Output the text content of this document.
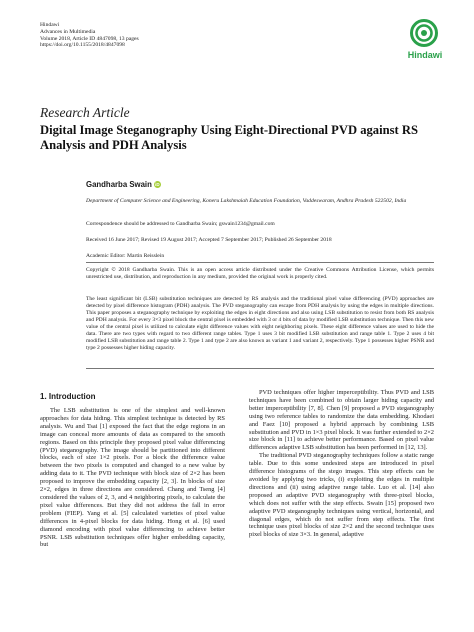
Hindawi
Advances in Multimedia
Volume 2018, Article ID 4847098, 13 pages
https://doi.org/10.1155/2018/4847098
Hindawi
Research Article
Digital Image Steganography Using Eight-Directional PVD against RS Analysis and PDH Analysis
Gandharba Swain iD
Department of Computer Science and Engineering, Koneru Lakshmaiah Education Foundation, Vaddeswaram, Andhra Pradesh 522502, India
Correspondence should be addressed to Gandharba Swain; gswain1234@gmail.com
Received 16 June 2017; Revised 19 August 2017; Accepted 7 September 2017; Published 26 September 2018
Academic Editor: Martin Reisslein
Copyright © 2018 Gandharba Swain. This is an open access article distributed under the Creative Commons Attribution License, which permits unrestricted use, distribution, and reproduction in any medium, provided the original work is properly cited.
The least significant bit (LSB) substitution techniques are detected by RS analysis and the traditional pixel value differencing (PVD) approaches are detected by pixel difference histogram (PDH) analysis. The PVD steganography can escape from PDH analysis by using the edges in multiple directions. This paper proposes a steganography technique by exploiting the edges in eight directions and also using LSB substitution to resist from both RS analysis and PDH analysis. For every 3×3 pixel block the central pixel is embedded with 3 or 4 bits of data by modified LSB substitution technique. Then this new value of the central pixel is utilized to calculate eight difference values with eight neighboring pixels. These eight difference values are used to hide the data. There are two types with regard to two different range tables. Type 1 uses 3 bit modified LSB substitution and range table 1. Type 2 uses 4 bit modified LSB substitution and range table 2. Type 1 and type 2 are also known as variant 1 and variant 2, respectively. Type 1 possesses higher PSNR and type 2 possesses higher hiding capacity.
1. Introduction

The LSB substitution is one of the simplest and well-known approaches for data hiding. This simplest technique is detected by RS analysis. Wu and Tsai [1] exposed the fact that the edge regions in an image can conceal more amounts of data as compared to the smooth regions. Based on this principle they proposed pixel value differencing (PVD) steganography. The image should be partitioned into different blocks, each of size 1×2 pixels. For a block the difference value between the two pixels is computed and changed to a new value by adding data to it. The PVD technique with block size of 2×2 has been proposed to improve the embedding capacity [2, 3]. In blocks of size 2×2, edges in three directions are considered. Chang and Tseng [4] considered the values of 2, 3, and 4 neighboring pixels, to calculate the pixel value differences. But they did not address the fall in error problem (FIEP). Yang et al. [5] calculated varieties of pixel value differences in 4-pixel blocks for data hiding. Hong et al. [6] used diamond encoding with pixel value differencing to achieve better PSNR. LSB substitution techniques offer higher embedding capacity, but

PVD techniques offer higher imperceptibility. Thus PVD and LSB techniques have been combined to obtain larger hiding capacity and better imperceptibility [7, 8]. Chen [9] proposed a PVD steganography using two reference tables to randomize the data embedding. Khodaei and Faez [10] proposed a hybrid approach by combining LSB substitution and PVD in 1×3 pixel block. It was further extended to 2×2 size block in [11] to achieve better performance. Based on pixel value differences adaptive LSB substitution has been performed in [12, 13].

The traditional PVD steganography techniques follow a static range table. Due to this some undesired steps are introduced in pixel difference histograms of the stego images. This step effects can be avoided by applying two tricks, (i) exploiting the edges in multiple directions and (ii) using adaptive range table. Luo et al. [14] also proposed an adaptive PVD steganography with three-pixel blocks, which does not suffer with the step effects. Swain [15] proposed two adaptive PVD steganography techniques using vertical, horizontal, and diagonal edges, which do not suffer from step effects. The first technique uses pixel blocks of size 2×2 and the second technique uses pixel blocks of size 3×3. In general, adaptive
